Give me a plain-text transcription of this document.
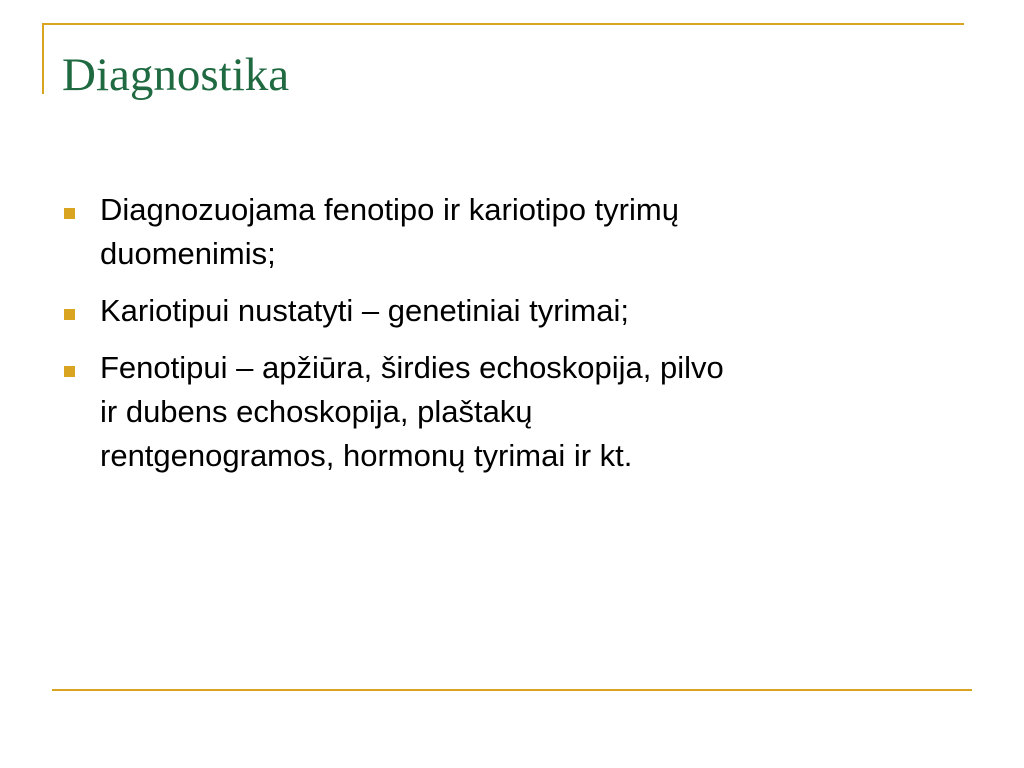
Diagnostika
Diagnozuojama fenotipo ir kariotipo tyrimų
duomenimis;
Kariotipui nustatyti – genetiniai tyrimai;
Fenotipui – apžiūra, širdies echoskopija, pilvo
ir dubens echoskopija, plaštakų
rentgenogramos, hormonų tyrimai ir kt.
